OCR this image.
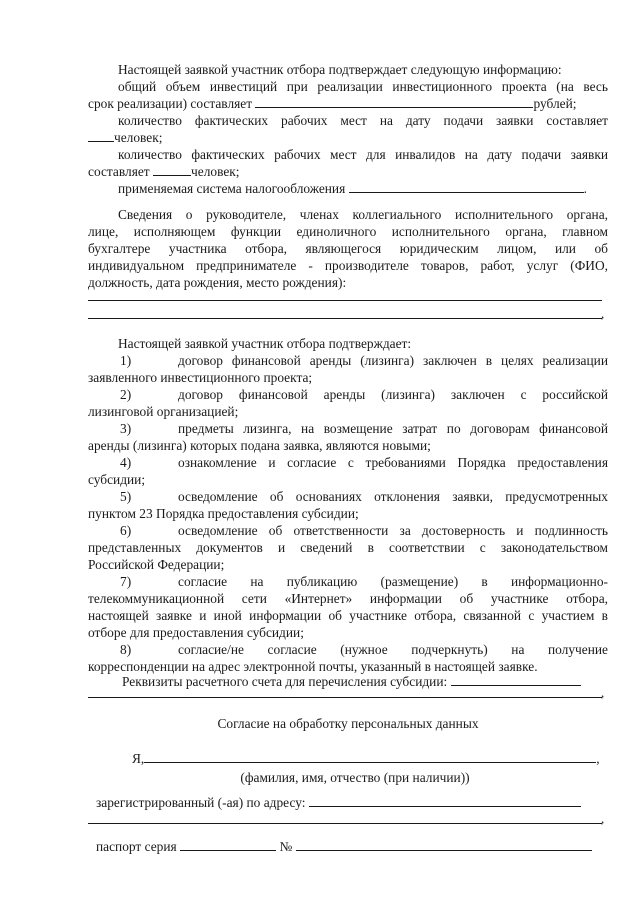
Настоящей заявкой участник отбора подтверждает следующую информацию:
общий объем инвестиций при реализации инвестиционного проекта (на весь
срок реализации) составляет	рублей;
количество фактических рабочих мест на дату подачи заявки составляет
человек;
количество фактических рабочих мест для инвалидов на дату подачи заявки
составляет	человек;
применяемая система налогообложения	.
Сведения о руководителе, членах коллегиального исполнительного органа,
лице, исполняющем функции единоличного исполнительного органа, главном
бухгалтере участника отбора, являющегося юридическим лицом, или об
индивидуальном предпринимателе - производителе товаров, работ, услуг (ФИО,
должность, дата рождения, место рождения):
,
Настоящей заявкой участник отбора подтверждает:
1)	договор финансовой аренды (лизинга) заключен в целях реализации
заявленного инвестиционного проекта;
2)	договор финансовой аренды (лизинга) заключен с российской
лизинговой организацией;
3)	предметы лизинга, на возмещение затрат по договорам финансовой
аренды (лизинга) которых подана заявка, являются новыми;
4)	ознакомление и согласие с требованиями Порядка предоставления
субсидии;
5)	осведомление об основаниях отклонения заявки, предусмотренных
пунктом 23 Порядка предоставления субсидии;
6)	осведомление об ответственности за достоверность и подлинность
представленных документов и сведений в соответствии с законодательством
Российской Федерации;
7)	согласие на публикацию (размещение) в информационно-
телекоммуникационной сети «Интернет» информации об участнике отбора,
настоящей заявке и иной информации об участнике отбора, связанной с участием в
отборе для предоставления субсидии;
8)	согласие/не согласие (нужное подчеркнуть) на получение
корреспонденции на адрес электронной почты, указанный в настоящей заявке.
Реквизиты расчетного счета для перечисления субсидии:
,
Согласие на обработку персональных данных
Я,	,
(фамилия, имя, отчество (при наличии))
зарегистрированный (-ая) по адресу:
,
паспорт серия	№
